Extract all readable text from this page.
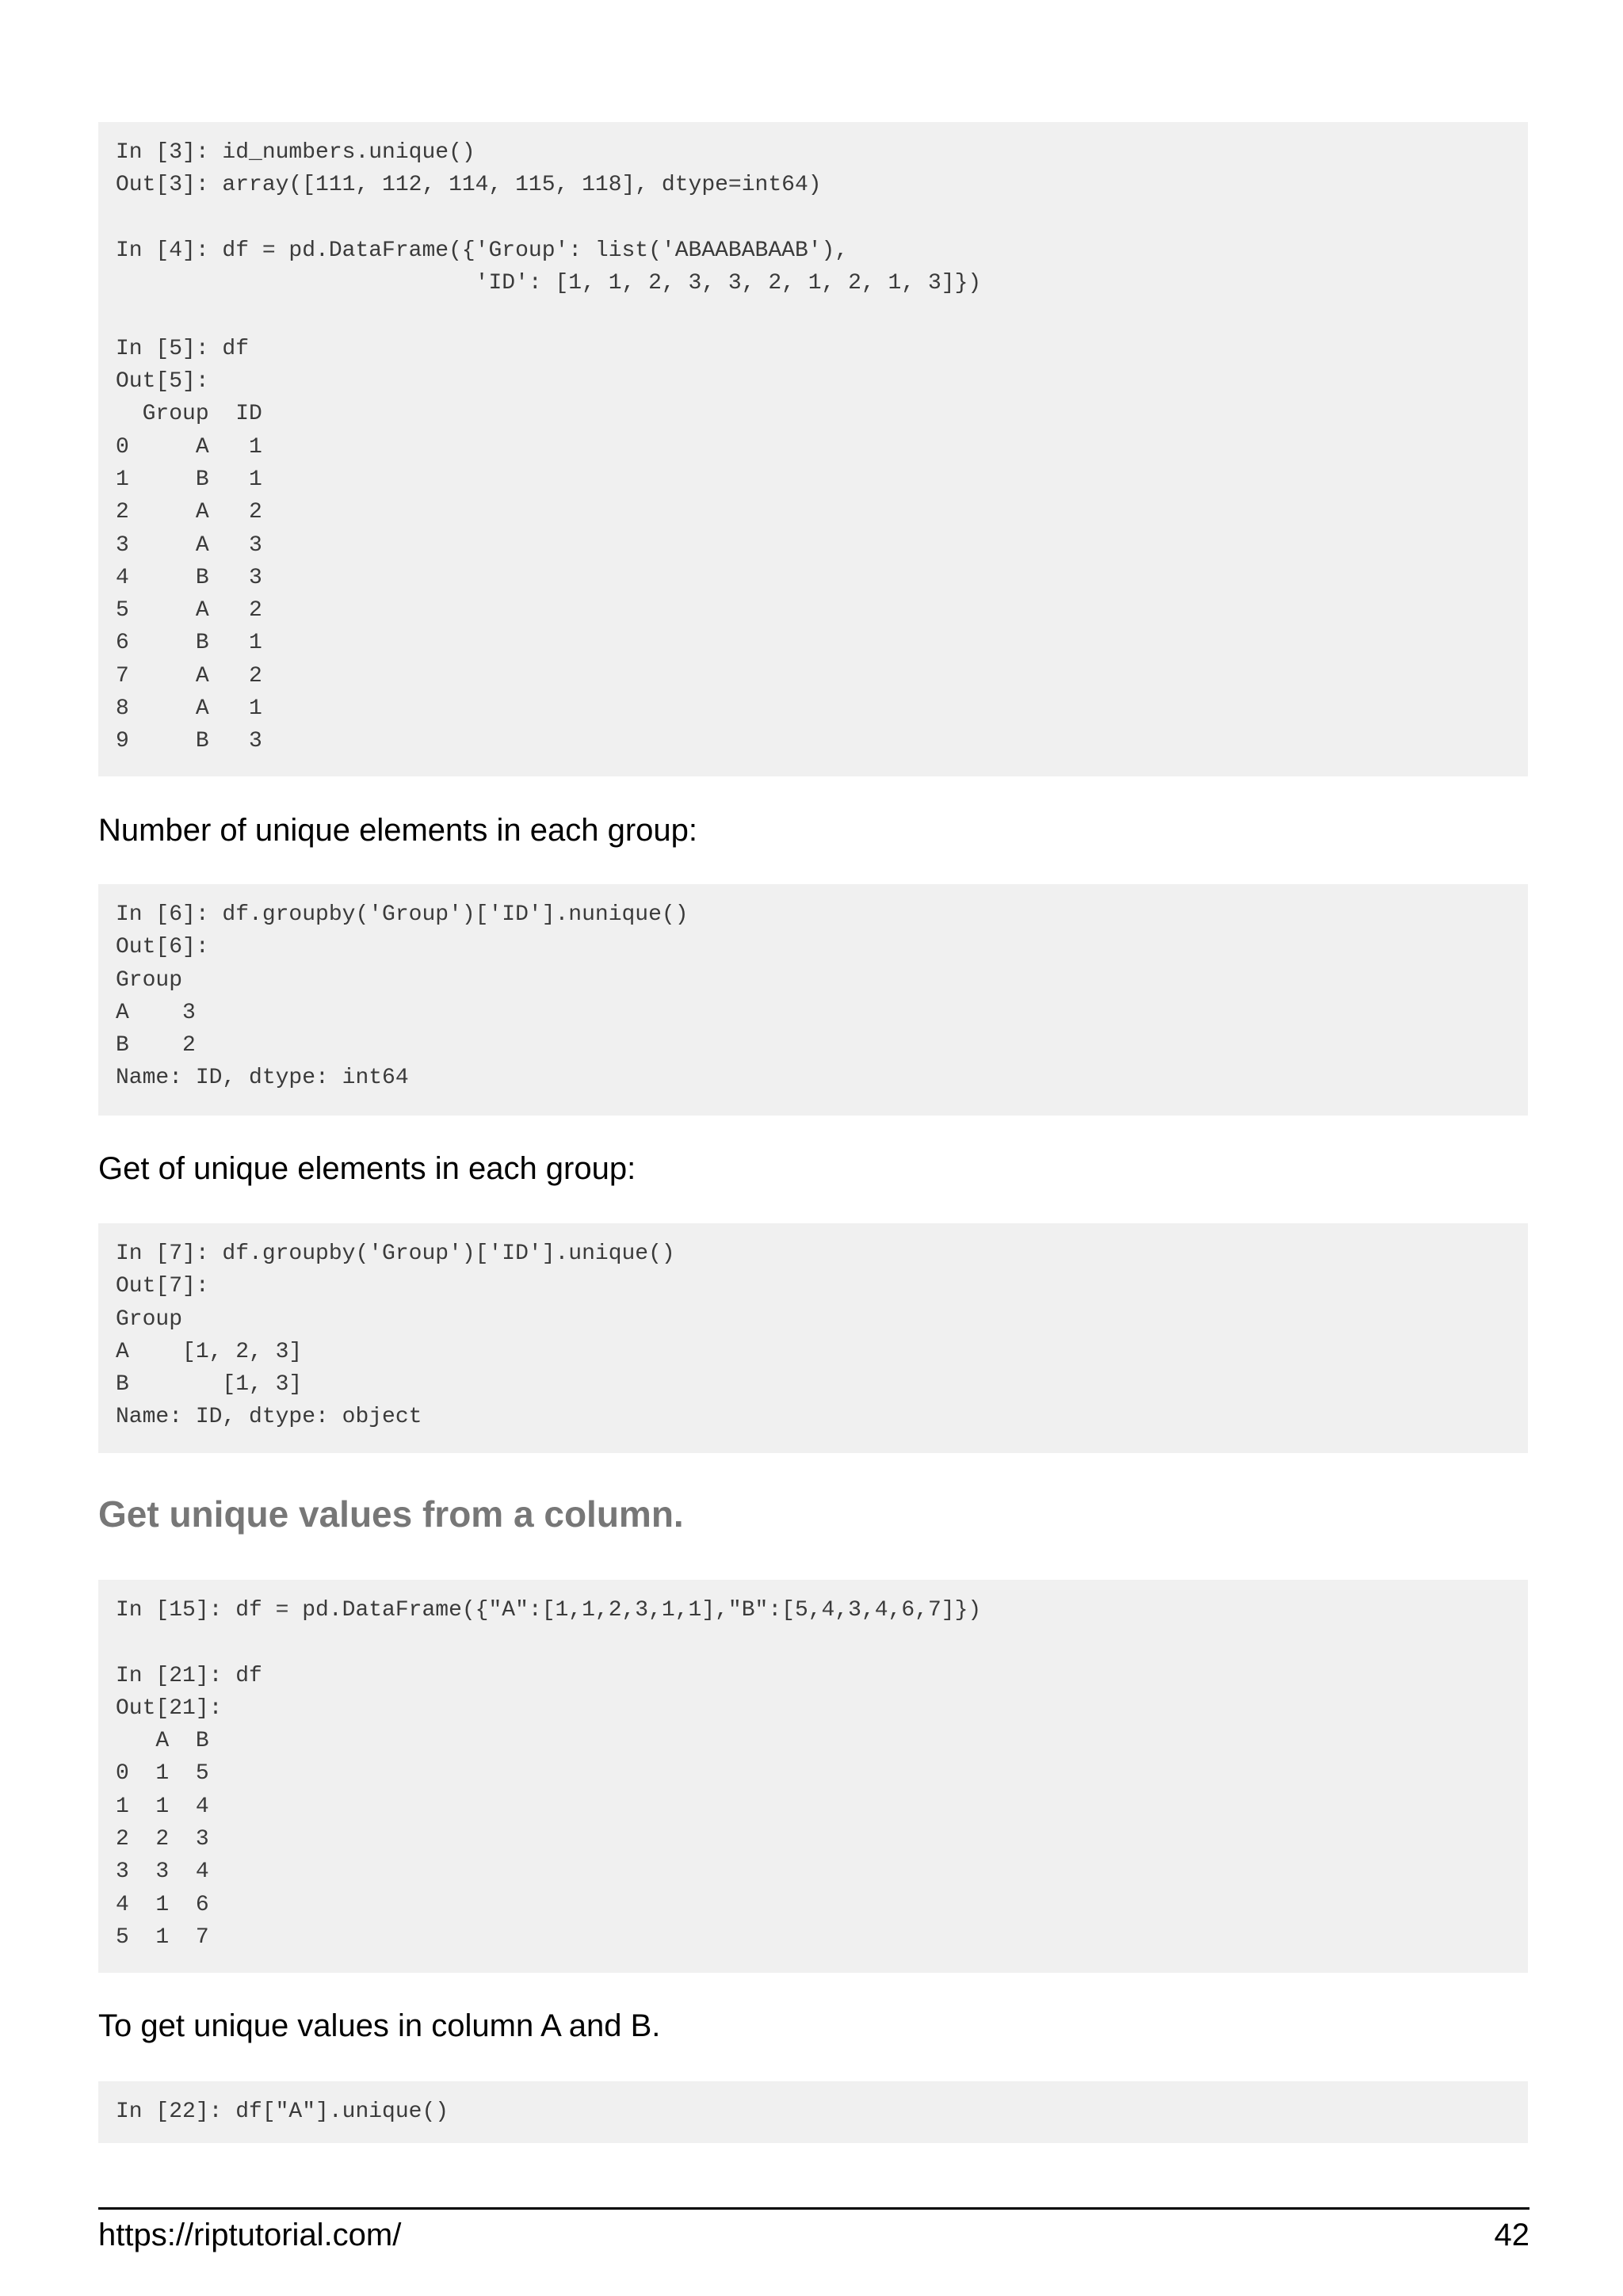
In [3]: id_numbers.unique()
Out[3]: array([111, 112, 114, 115, 118], dtype=int64)

In [4]: df = pd.DataFrame({'Group': list('ABAABABAAB'),
'ID': [1, 1, 2, 3, 3, 2, 1, 2, 1, 3]})

In [5]: df
Out[5]:
Group  ID
0     A   1
1     B   1
2     A   2
3     A   3
4     B   3
5     A   2
6     B   1
7     A   2
8     A   1
9     B   3

Number of unique elements in each group:

In [6]: df.groupby('Group')['ID'].nunique()
Out[6]:
Group
A    3
B    2
Name: ID, dtype: int64

Get of unique elements in each group:

In [7]: df.groupby('Group')['ID'].unique()
Out[7]:
Group
A    [1, 2, 3]
B       [1, 3]
Name: ID, dtype: object
Get unique values from a column.
In [15]: df = pd.DataFrame({"A":[1,1,2,3,1,1],"B":[5,4,3,4,6,7]})

In [21]: df
Out[21]:
A  B
0  1  5
1  1  4
2  2  3
3  3  4
4  1  6
5  1  7

To get unique values in column A and B.

In [22]: df["A"].unique()
https://riptutorial.com/	42
